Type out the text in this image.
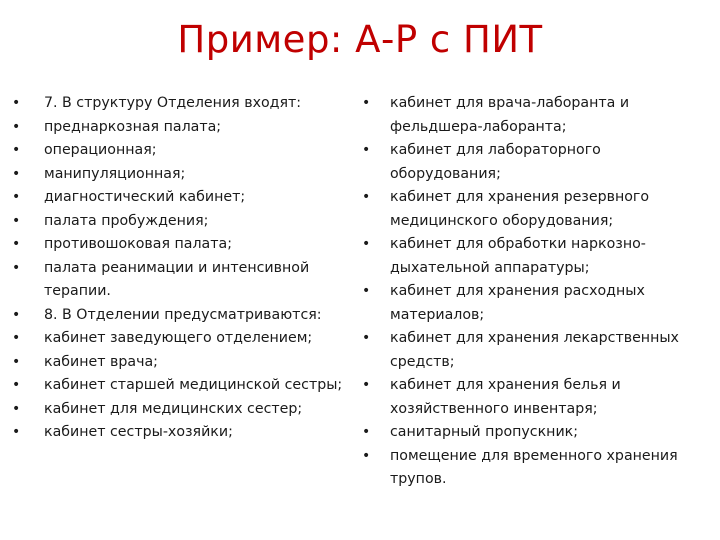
Пример: А-Р с ПИТ
• 7. В структуру Отделения входят:
• преднаркозная палата;
• операционная;
• манипуляционная;
• диагностический кабинет;
• палата пробуждения;
• противошоковая палата;
• палата реанимации и интенсивной терапии.
• 8. В Отделении предусматриваются:
• кабинет заведующего отделением;
• кабинет врача;
• кабинет старшей медицинской сестры;
• кабинет для медицинских сестер;
• кабинет сестры-хозяйки;
• кабинет для врача-лаборанта и фельдшера-лаборанта;
• кабинет для лабораторного оборудования;
• кабинет для хранения резервного медицинского оборудования;
• кабинет для обработки наркозно-дыхательной аппаратуры;
• кабинет для хранения расходных материалов;
• кабинет для хранения лекарственных средств;
• кабинет для хранения белья и хозяйственного инвентаря;
• санитарный пропускник;
• помещение для временного хранения трупов.
